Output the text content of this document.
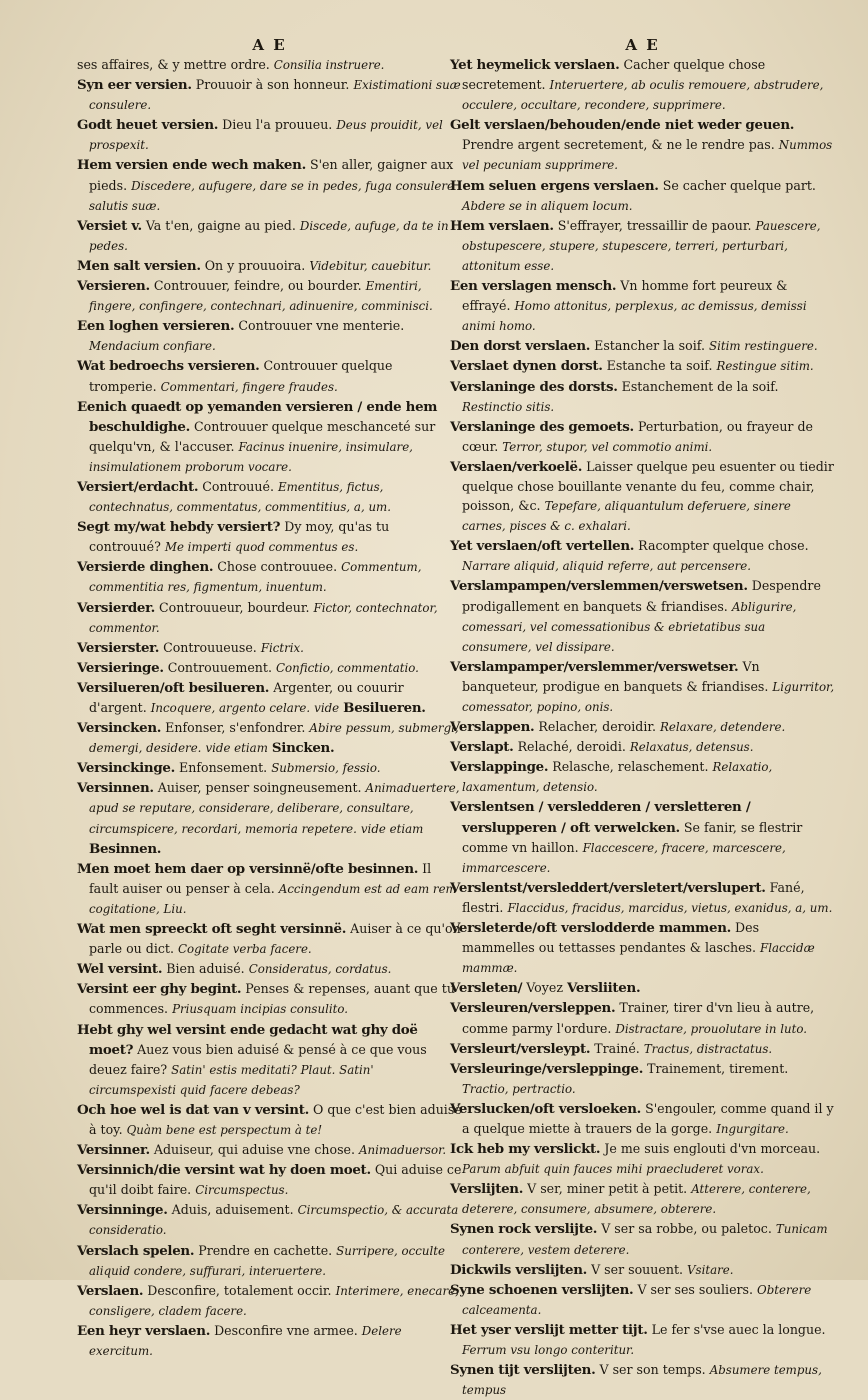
A E

ses affaires, & y mettre ordre. Consilia instruere.

Syn eer versien. Prouuoir à son honneur. Existimationi suæ consulere.

Godt heuet versien. Dieu l'a prouueu. Deus prouidit, vel prospexit.

Hem versien ende wech maken. S'en aller, gaigner aux pieds. Discedere, aufugere, dare se in pedes, fuga consulere salutis suæ.

Versiet v. Va t'en, gaigne au pied. Discede, aufuge, da te in pedes.

Men salt versien. On y prouuoira. Videbitur, cauebitur.

Versieren. Controuuer, feindre, ou bourder. Ementiri, fingere, confingere, contechnari, adinuenire, comminisci.

Een loghen versieren. Controuuer vne menterie. Mendacium confiare.

Wat bedroechs versieren. Controuuer quelque tromperie. Commentari, fingere fraudes.

Eenich quaedt op yemanden versieren / ende hem beschuldighe. Controuuer quelque meschanceté sur quelqu'vn, & l'accuser. Facinus inuenire, insimulare, insimulationem proborum vocare.

Versiert/erdacht. Controuué. Ementitus, fictus, contechnatus, commentatus, commentitius, a, um.

Segt my/wat hebdy versiert? Dy moy, qu'as tu controuué? Me imperti quod commentus es.

Versierde dinghen. Chose controuuee. Commentum, commentitia res, figmentum, inuentum.

Versierder. Controuueur, bourdeur. Fictor, contechnator, commentor.

Versierster. Controuueuse. Fictrix.

Versieringe. Controuuement. Confictio, commentatio.

Versilueren/oft besilueren. Argenter, ou couurir d'argent. Incoquere, argento celare. vide Besilueren.

Versincken. Enfonser, s'enfondrer. Abire pessum, submergi, demergi, desidere. vide etiam Sincken.

Versinckinge. Enfonsement. Submersio, fessio.

Versinnen. Auiser, penser soingneusement. Animaduertere, apud se reputare, considerare, deliberare, consultare, circumspicere, recordari, memoria repetere. vide etiam Besinnen.

Men moet hem daer op versinnë/ofte besinnen. Il fault auiser ou penser à cela. Accingendum est ad eam rem cogitatione, Liu.

Wat men spreeckt oft seght versinnë. Auiser à ce qu'on parle ou dict. Cogitate verba facere.

Wel versint. Bien aduisé. Consideratus, cordatus.

Versint eer ghy begint. Penses & repenses, auant que tu commences. Priusquam incipias consulito.

Hebt ghy wel versint ende gedacht wat ghy doë moet? Auez vous bien aduisé & pensé à ce que vous deuez faire? Satin' estis meditati? Plaut. Satin' circumspexisti quid facere debeas?

Och hoe wel is dat van v versint. O que c'est bien aduisé à toy. Quàm bene est perspectum à te!

Versinner. Aduiseur, qui aduise vne chose. Animaduersor.

Versinnich/die versint wat hy doen moet. Qui aduise ce qu'il doibt faire. Circumspectus.

Versinninge. Aduis, aduisement. Circumspectio, & accurata consideratio.

Verslach spelen. Prendre en cachette. Surripere, occulte aliquid condere, suffurari, interuertere.

Verslaen. Desconfire, totalement occir. Interimere, enecare, consligere, cladem facere.

Een heyr verslaen. Desconfire vne armee. Delere exercitum.

A E

Yet heymelick verslaen. Cacher quelque chose secretement. Interuertere, ab oculis remouere, abstrudere, occulere, occultare, recondere, supprimere.

Gelt verslaen/behouden/ende niet weder geuen. Prendre argent secretement, & ne le rendre pas. Nummos vel pecuniam supprimere.

Hem seluen ergens verslaen. Se cacher quelque part. Abdere se in aliquem locum.

Hem verslaen. S'effrayer, tressaillir de paour. Pauescere, obstupescere, stupere, stupescere, terreri, perturbari, attonitum esse.

Een verslagen mensch. Vn homme fort peureux & effrayé. Homo attonitus, perplexus, ac demissus, demissi animi homo.

Den dorst verslaen. Estancher la soif. Sitim restinguere.

Verslaet dynen dorst. Estanche ta soif. Restingue sitim.

Verslaninge des dorsts. Estanchement de la soif. Restinctio sitis.

Verslaninge des gemoets. Perturbation, ou frayeur de cœur. Terror, stupor, vel commotio animi.

Verslaen/verkoelë. Laisser quelque peu esuenter ou tiedir quelque chose bouillante venante du feu, comme chair, poisson, &c. Tepefare, aliquantulum deferuere, sinere carnes, pisces & c. exhalari.

Yet verslaen/oft vertellen. Racompter quelque chose. Narrare aliquid, aliquid referre, aut percensere.

Verslampampen/verslemmen/verswetsen. Despendre prodigallement en banquets & friandises. Abligurire, comessari, vel comessationibus & ebrietatibus sua consumere, vel dissipare.

Verslampamper/verslemmer/verswetser. Vn banqueteur, prodigue en banquets & friandises. Ligurritor, comessator, popino, onis.

Verslappen. Relacher, deroidir. Relaxare, detendere.

Verslapt. Relaché, deroidi. Relaxatus, detensus.

Verslappinge. Relasche, relaschement. Relaxatio, laxamentum, detensio.

Verslentsen / versledderen / versletteren / verslupperen / oft verwelcken. Se fanir, se flestrir comme vn haillon. Flaccescere, fracere, marcescere, immarcescere.

Verslentst/versleddert/versletert/verslupert. Fané, flestri. Flaccidus, fracidus, marcidus, vietus, exanidus, a, um.

Versleterde/oft verslodderde mammen. Des mammelles ou tettasses pendantes & lasches. Flaccidæ mammæ.

Versleten/ Voyez Versliiten.

Versleuren/versleppen. Trainer, tirer d'vn lieu à autre, comme parmy l'ordure. Distractare, prouolutare in luto.

Versleurt/versleypt. Trainé. Tractus, distractatus.

Versleuringe/versleppinge. Trainement, tirement. Tractio, pertractio.

Verslucken/oft versloeken. S'engouler, comme quand il y a quelque miette à trauers de la gorge. Ingurgitare.

Ick heb my verslickt. Je me suis englouti d'vn morceau. Parum abfuit quin fauces mihi praecluderet vorax.

Verslijten. V ser, miner petit à petit. Atterere, conterere, deterere, consumere, absumere, obterere.

Synen rock verslijte. V ser sa robbe, ou paletoc. Tunicam conterere, vestem deterere.

Dickwils verslijten. V ser souuent. Vsitare.

Syne schoenen verslijten. V ser ses souliers. Obterere calceamenta.

Het yser verslijt metter tijt. Le fer s'vse auec la longue. Ferrum vsu longo conteritur.

Synen tijt verslijten. V ser son temps. Absumere tempus, tempus
